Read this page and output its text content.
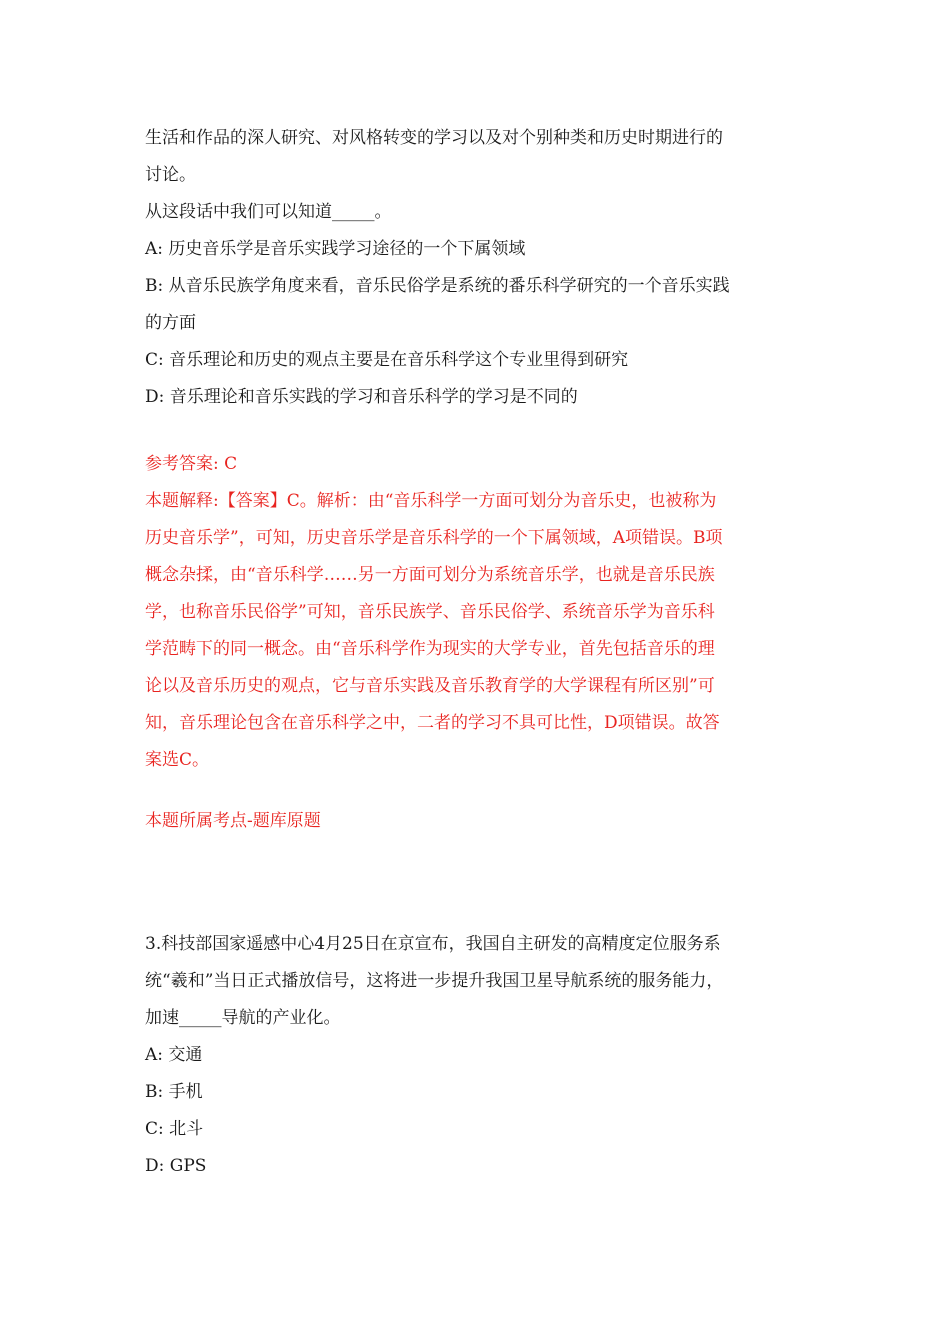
生活和作品的深人研究、对风格转变的学习以及对个别种类和历史时期进行的
讨论。
从这段话中我们可以知道_____。
A: 历史音乐学是音乐实践学习途径的一个下属领域
B: 从音乐民族学角度来看，音乐民俗学是系统的番乐科学研究的一个音乐实践
的方面
C: 音乐理论和历史的观点主要是在音乐科学这个专业里得到研究
D: 音乐理论和音乐实践的学习和音乐科学的学习是不同的
参考答案: C
本题解释:【答案】C。解析：由“音乐科学一方面可划分为音乐史，也被称为
历史音乐学”，可知，历史音乐学是音乐科学的一个下属领域，A项错误。B项
概念杂揉，由“音乐科学……另一方面可划分为系统音乐学，也就是音乐民族
学，也称音乐民俗学”可知，音乐民族学、音乐民俗学、系统音乐学为音乐科
学范畴下的同一概念。由“音乐科学作为现实的大学专业，首先包括音乐的理
论以及音乐历史的观点，它与音乐实践及音乐教育学的大学课程有所区别”可
知，音乐理论包含在音乐科学之中，二者的学习不具可比性，D项错误。故答
案选C。
本题所属考点-题库原题
3.科技部国家遥感中心4月25日在京宣布，我国自主研发的高精度定位服务系
统“羲和”当日正式播放信号，这将进一步提升我国卫星导航系统的服务能力，
加速_____导航的产业化。
A: 交通
B: 手机
C: 北斗
D: GPS
